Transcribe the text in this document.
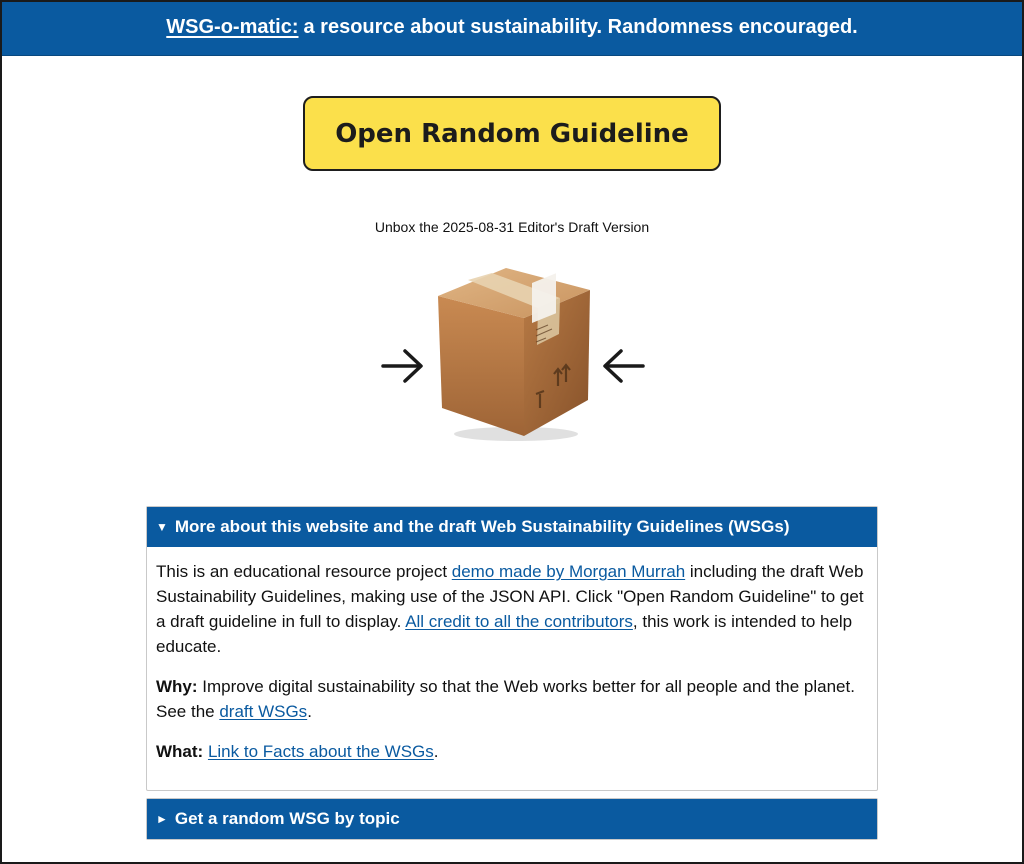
WSG-o-matic: a resource about sustainability. Randomness encouraged.
Open Random Guideline
Unbox the 2025-08-31 Editor's Draft Version
▼ More about this website and the draft Web Sustainability Guidelines (WSGs)

This is an educational resource project demo made by Morgan Murrah including the draft Web Sustainability Guidelines, making use of the JSON API. Click "Open Random Guideline" to get a draft guideline in full to display. All credit to all the contributors, this work is intended to help educate.

Why: Improve digital sustainability so that the Web works better for all people and the planet. See the draft WSGs.

What: Link to Facts about the WSGs.

► Get a random WSG by topic
